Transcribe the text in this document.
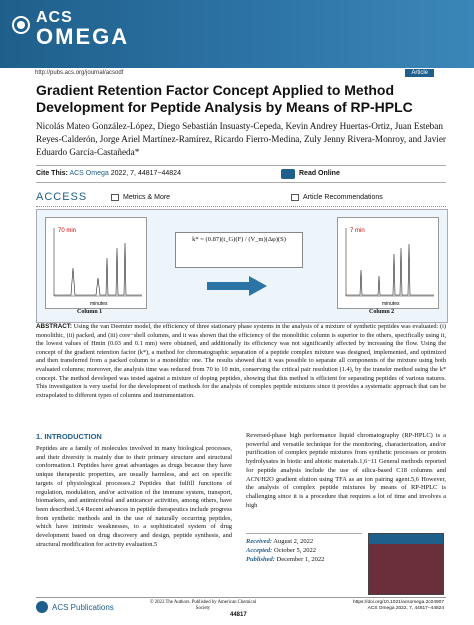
ACS
OMEGA
http://pubs.acs.org/journal/acsodf	Article
Gradient Retention Factor Concept Applied to Method Development for Peptide Analysis by Means of RP-HPLC
Nicolás Mateo González-López, Diego Sebastián Insuasty-Cepeda, Kevin Andrey Huertas-Ortiz, Juan Esteban Reyes-Calderón, Jorge Ariel Martínez-Ramírez, Ricardo Fierro-Medina, Zuly Jenny Rivera-Monroy, and Javier Eduardo García-Castañeda*
Cite This: ACS Omega 2022, 7, 44817−44824	Read Online
ACCESS	Metrics & More	Article Recommendations
70 min
minutes
Column 1
k* = (0.87)(t_G)(F) / (V_m)(Δφ)(S)
7 min
minutes
Column 2
ABSTRACT: Using the van Deemter model, the efficiency of three stationary phase systems in the analysis of a mixture of synthetic peptides was evaluated: (i) monolithic, (ii) packed, and (iii) core−shell columns, and it was shown that the efficiency of the monolithic column is superior to the others, specifically using it, the lowest values of Hmin (0.03 and 0.1 mm) were obtained, and additionally its efficiency was not significantly affected by increasing the flow. Using the concept of the gradient retention factor (k*), a method for chromatographic separation of a peptide complex mixture was designed, implemented, and optimized and then transferred from a packed column to a monolithic one. The results showed that it was possible to separate all components of the mixture using both evaluated columns; moreover, the analysis time was reduced from 70 to 10 min, conserving the critical pair resolution (1.4), by the transfer method using the k* concept. The method developed was tested against a mixture of doping peptides, showing that this method is efficient for separating peptides of various natures. This investigation is very useful for the development of methods for the analysis of complex peptide mixtures since it provides a systematic approach that can be extrapolated to different types of columns and instrumentation.
1. INTRODUCTION
Peptides are a family of molecules involved in many biological processes, and their diversity is mainly due to their primary structure and structural conformation.1 Peptides have great advantages as drugs because they have unique therapeutic properties, are usually harmless, and act on specific targets of physiological processes.2 Peptides that fulfill functions of regulation, modulation, and/or activation of the immune system, transport, biomarkers, and antimicrobial and anticancer activities, among others, have been described.3,4 Recent advances in peptide therapeutics include progress from synthetic methods and in the use of naturally occurring peptides, which have intrinsic weaknesses, to a sophisticated system of drug development based on drug discovery and design, peptide synthesis, and structural modification for activity evaluation.5
Reversed-phase high performance liquid chromatography (RP-HPLC) is a powerful and versatile technique for the monitoring, characterization, and/or purification of complex peptide mixtures from synthetic processes or protein hydrolysates in biotic and abiotic materials.1,6−11 General methods reported for peptide analysis include the use of silica-based C18 columns and ACN/H2O gradient elution using TFA as an ion pairing agent.5,6 However, the analysis of complex peptide mixtures by means of RP-HPLC is challenging since it is a procedure that requires a lot of time and involves a high
Received: August 2, 2022
Accepted: October 5, 2022
Published: December 1, 2022
ACS Publications	© 2022 The Authors. Published by American Chemical Society
44817
https://doi.org/10.1021/acsomega.2c04907
ACS Omega 2022, 7, 44817−44824
